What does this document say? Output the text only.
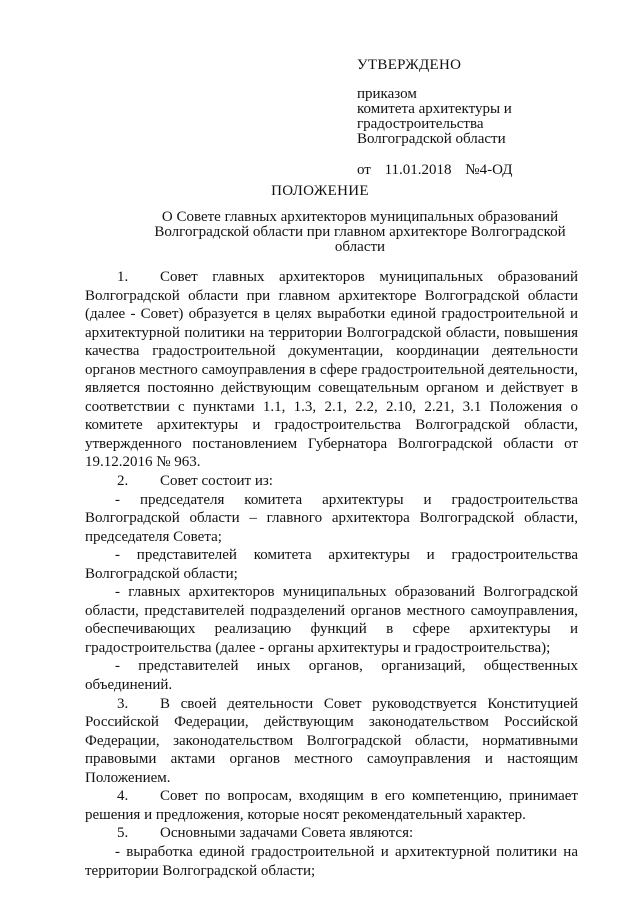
УТВЕРЖДЕНО
приказом
комитета архитектуры и
градостроительства
Волгоградской области
от 11.01.2018 №4-ОД
ПОЛОЖЕНИЕ
О Совете главных архитекторов муниципальных образований Волгоградской области при главном архитекторе Волгоградской области

1. Совет главных архитекторов муниципальных образований Волгоградской области при главном архитекторе Волгоградской области (далее - Совет) образуется в целях выработки единой градостроительной и архитектурной политики на территории Волгоградской области, повышения качества градостроительной документации, координации деятельности органов местного самоуправления в сфере градостроительной деятельности, является постоянно действующим совещательным органом и действует в соответствии с пунктами 1.1, 1.3, 2.1, 2.2, 2.10, 2.21, 3.1 Положения о комитете архитектуры и градостроительства Волгоградской области, утвержденного постановлением Губернатора Волгоградской области от 19.12.2016 № 963.

2. Совет состоит из:

- председателя комитета архитектуры и градостроительства Волгоградской области – главного архитектора Волгоградской области, председателя Совета;

- представителей комитета архитектуры и градостроительства Волгоградской области;

- главных архитекторов муниципальных образований Волгоградской области, представителей подразделений органов местного самоуправления, обеспечивающих реализацию функций в сфере архитектуры и градостроительства (далее - органы архитектуры и градостроительства);

- представителей иных органов, организаций, общественных объединений.

3. В своей деятельности Совет руководствуется Конституцией Российской Федерации, действующим законодательством Российской Федерации, законодательством Волгоградской области, нормативными правовыми актами органов местного самоуправления и настоящим Положением.

4. Совет по вопросам, входящим в его компетенцию, принимает решения и предложения, которые носят рекомендательный характер.

5. Основными задачами Совета являются:

- выработка единой градостроительной и архитектурной политики на территории Волгоградской области;
